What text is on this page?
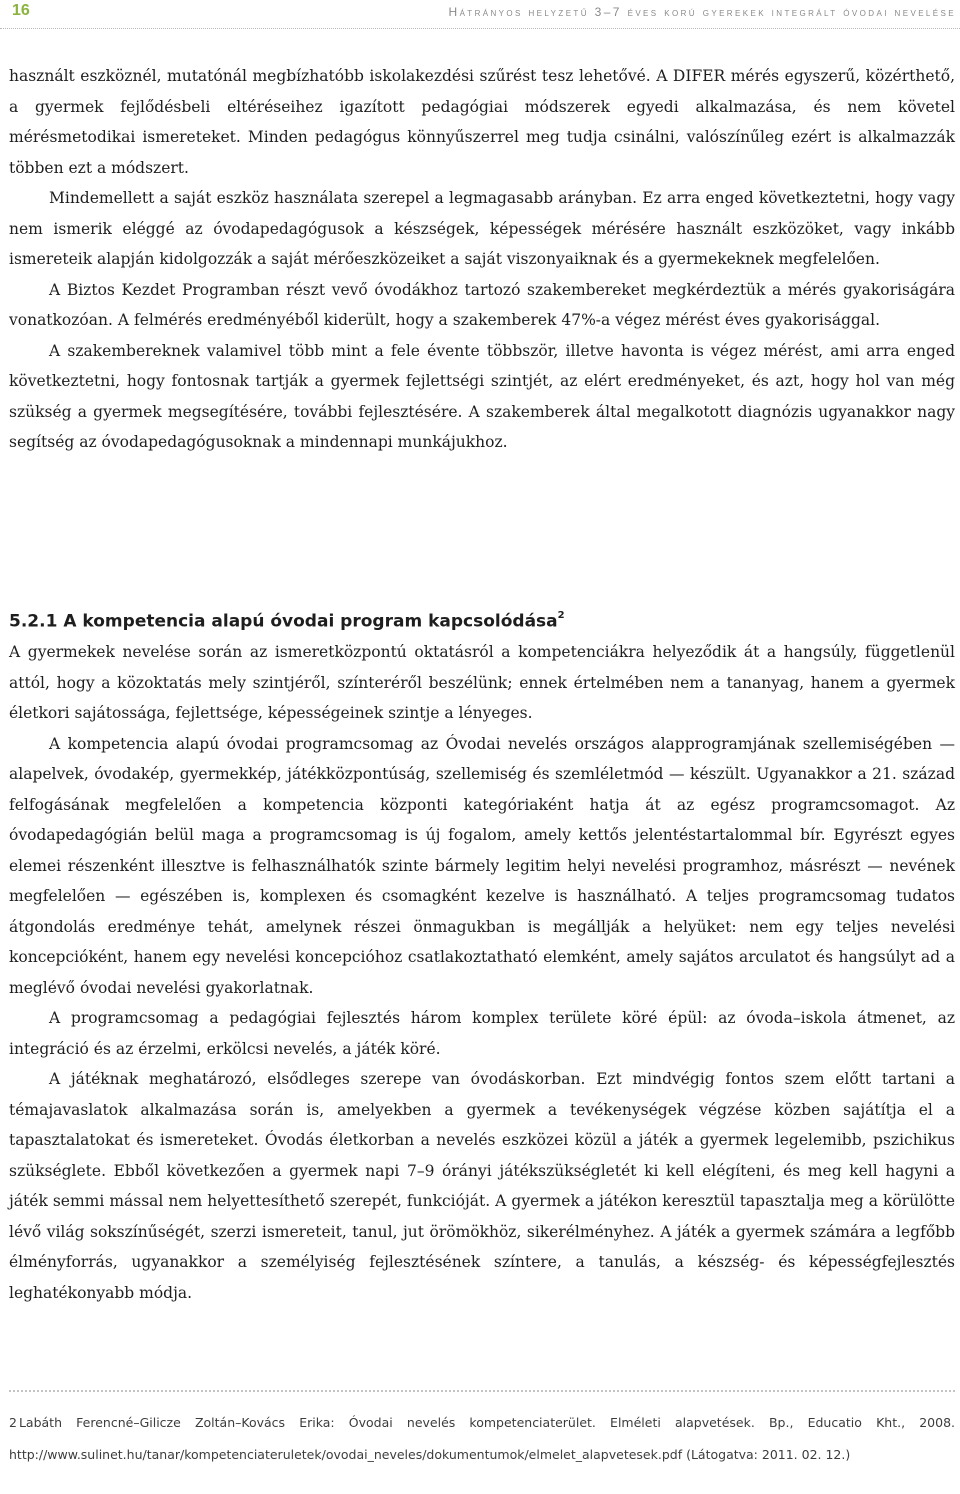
16	Hátrányos helyzetű 3–7 éves korú gyerekek integrált óvodai nevelése

használt eszköznél, mutatónál megbízhatóbb iskolakezdési szűrést tesz lehetővé. A DIFER mérés egyszerű, közérthető, a gyermek fejlődésbeli eltéréseihez igazított pedagógiai módszerek egyedi alkalmazása, és nem követel mérésmetodikai ismereteket. Minden pedagógus könnyűszerrel meg tudja csinálni, valószínűleg ezért is alkalmazzák többen ezt a módszert.

Mindemellett a saját eszköz használata szerepel a legmagasabb arányban. Ez arra enged következtetni, hogy vagy nem ismerik eléggé az óvodapedagógusok a készségek, képességek mérésére használt eszközöket, vagy inkább ismereteik alapján kidolgozzák a saját mérőeszközeiket a saját viszonyaiknak és a gyermekeknek megfelelően.

A Biztos Kezdet Programban részt vevő óvodákhoz tartozó szakembereket megkérdeztük a mérés gyakoriságára vonatkozóan. A felmérés eredményéből kiderült, hogy a szakemberek 47%-a végez mérést éves gyakorisággal.

A szakembereknek valamivel több mint a fele évente többször, illetve havonta is végez mérést, ami arra enged következtetni, hogy fontosnak tartják a gyermek fejlettségi szintjét, az elért eredményeket, és azt, hogy hol van még szükség a gyermek megsegítésére, további fejlesztésére. A szakemberek által megalkotott diagnózis ugyanakkor nagy segítség az óvodapedagógusoknak a mindennapi munkájukhoz.

5.2.1 A kompetencia alapú óvodai program kapcsolódása$^2$

A gyermekek nevelése során az ismeretközpontú oktatásról a kompetenciákra helyeződik át a hangsúly, függetlenül attól, hogy a közoktatás mely szintjéről, színteréről beszélünk; ennek értelmében nem a tananyag, hanem a gyermek életkori sajátossága, fejlettsége, képességeinek szintje a lényeges.

A kompetencia alapú óvodai programcsomag az Óvodai nevelés országos alapprogramjának szellemiségében — alapelvek, óvodakép, gyermekkép, játékközpontúság, szellemiség és szemléletmód — készült. Ugyanakkor a 21. század felfogásának megfelelően a kompetencia központi kategóriaként hatja át az egész programcsomagot. Az óvodapedagógián belül maga a programcsomag is új fogalom, amely kettős jelentéstartalommal bír. Egyrészt egyes elemei részenként illesztve is felhasználhatók szinte bármely legitim helyi nevelési programhoz, másrészt — nevének megfelelően — egészében is, komplexen és csomagként kezelve is használható. A teljes programcsomag tudatos átgondolás eredménye tehát, amelynek részei önmagukban is megállják a helyüket: nem egy teljes nevelési koncepcióként, hanem egy nevelési koncepcióhoz csatlakoztatható elemként, amely sajátos arculatot és hangsúlyt ad a meglévő óvodai nevelési gyakorlatnak.

A programcsomag a pedagógiai fejlesztés három komplex területe köré épül: az óvoda–iskola átmenet, az integráció és az érzelmi, erkölcsi nevelés, a játék köré.

A játéknak meghatározó, elsődleges szerepe van óvodáskorban. Ezt mindvégig fontos szem előtt tartani a témajavaslatok alkalmazása során is, amelyekben a gyermek a tevékenységek végzése közben sajátítja el a tapasztalatokat és ismereteket. Óvodás életkorban a nevelés eszközei közül a játék a gyermek legelemibb, pszichikus szükséglete. Ebből következően a gyermek napi 7–9 órányi játékszükségletét ki kell elégíteni, és meg kell hagyni a játék semmi mással nem helyettesíthető szerepét, funkcióját. A gyermek a játékon keresztül tapasztalja meg a körülötte lévő világ sokszínűségét, szerzi ismereteit, tanul, jut örömökhöz, sikerélményhez. A játék a gyermek számára a legfőbb élményforrás, ugyanakkor a személyiség fejlesztésének színtere, a tanulás, a készség- és képességfejlesztés leghatékonyabb módja.

2 Labáth Ferencné–Gilicze Zoltán–Kovács Erika: Óvodai nevelés kompetenciaterület. Elméleti alapvetések. Bp., Educatio Kht., 2008. http://www.sulinet.hu/tanar/kompetenciateruletek/ovodai_neveles/dokumentumok/elmelet_alapvetesek.pdf (Látogatva: 2011. 02. 12.)
